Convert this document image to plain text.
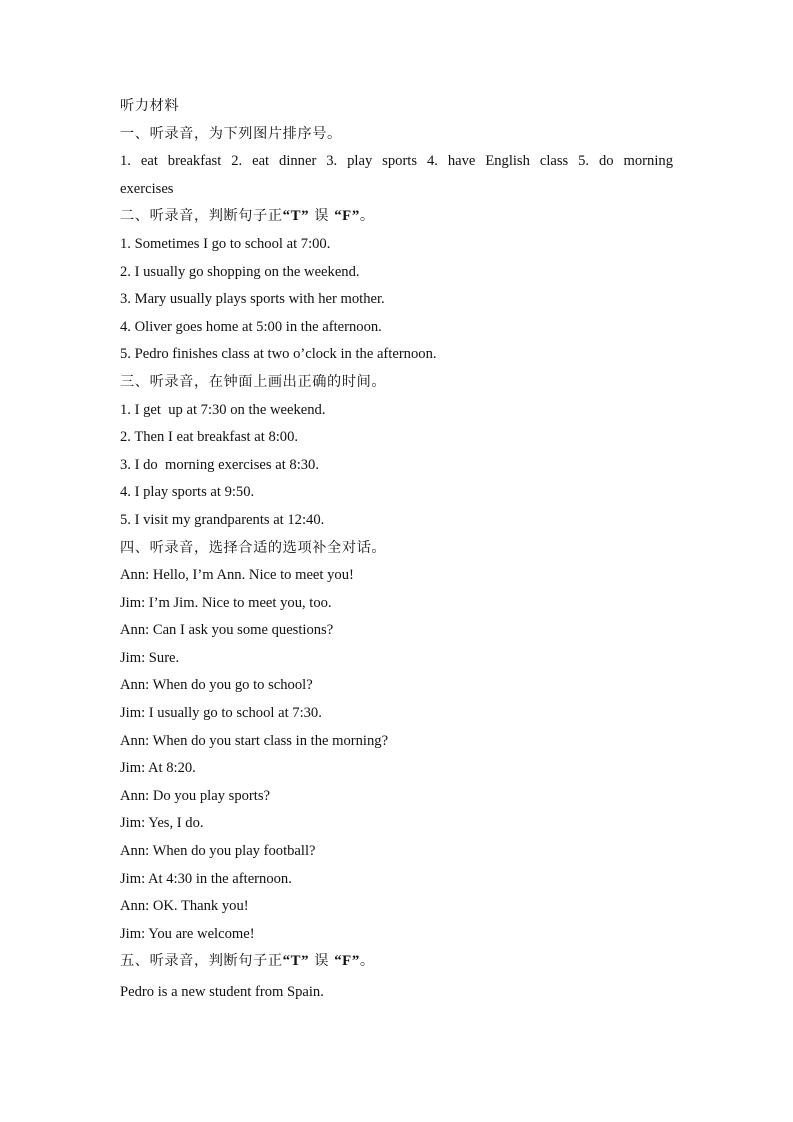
听力材料
一、听录音，为下列图片排序号。
1. eat breakfast 2. eat dinner 3. play sports 4. have English class 5. do morning
exercises
二、听录音，判断句子正“T” 误 “F”。
1. Sometimes I go to school at 7:00.
2. I usually go shopping on the weekend.
3. Mary usually plays sports with her mother.
4. Oliver goes home at 5:00 in the afternoon.
5. Pedro finishes class at two o’clock in the afternoon.
三、听录音，在钟面上画出正确的时间。
1. I get  up at 7:30 on the weekend.
2. Then I eat breakfast at 8:00.
3. I do  morning exercises at 8:30.
4. I play sports at 9:50.
5. I visit my grandparents at 12:40.
四、听录音，选择合适的选项补全对话。
Ann: Hello, I’m Ann. Nice to meet you!
Jim: I’m Jim. Nice to meet you, too.
Ann: Can I ask you some questions?
Jim: Sure.
Ann: When do you go to school?
Jim: I usually go to school at 7:30.
Ann: When do you start class in the morning?
Jim: At 8:20.
Ann: Do you play sports?
Jim: Yes, I do.
Ann: When do you play football?
Jim: At 4:30 in the afternoon.
Ann: OK. Thank you!
Jim: You are welcome!
五、听录音，判断句子正“T” 误 “F”。
Pedro is a new student from Spain.
